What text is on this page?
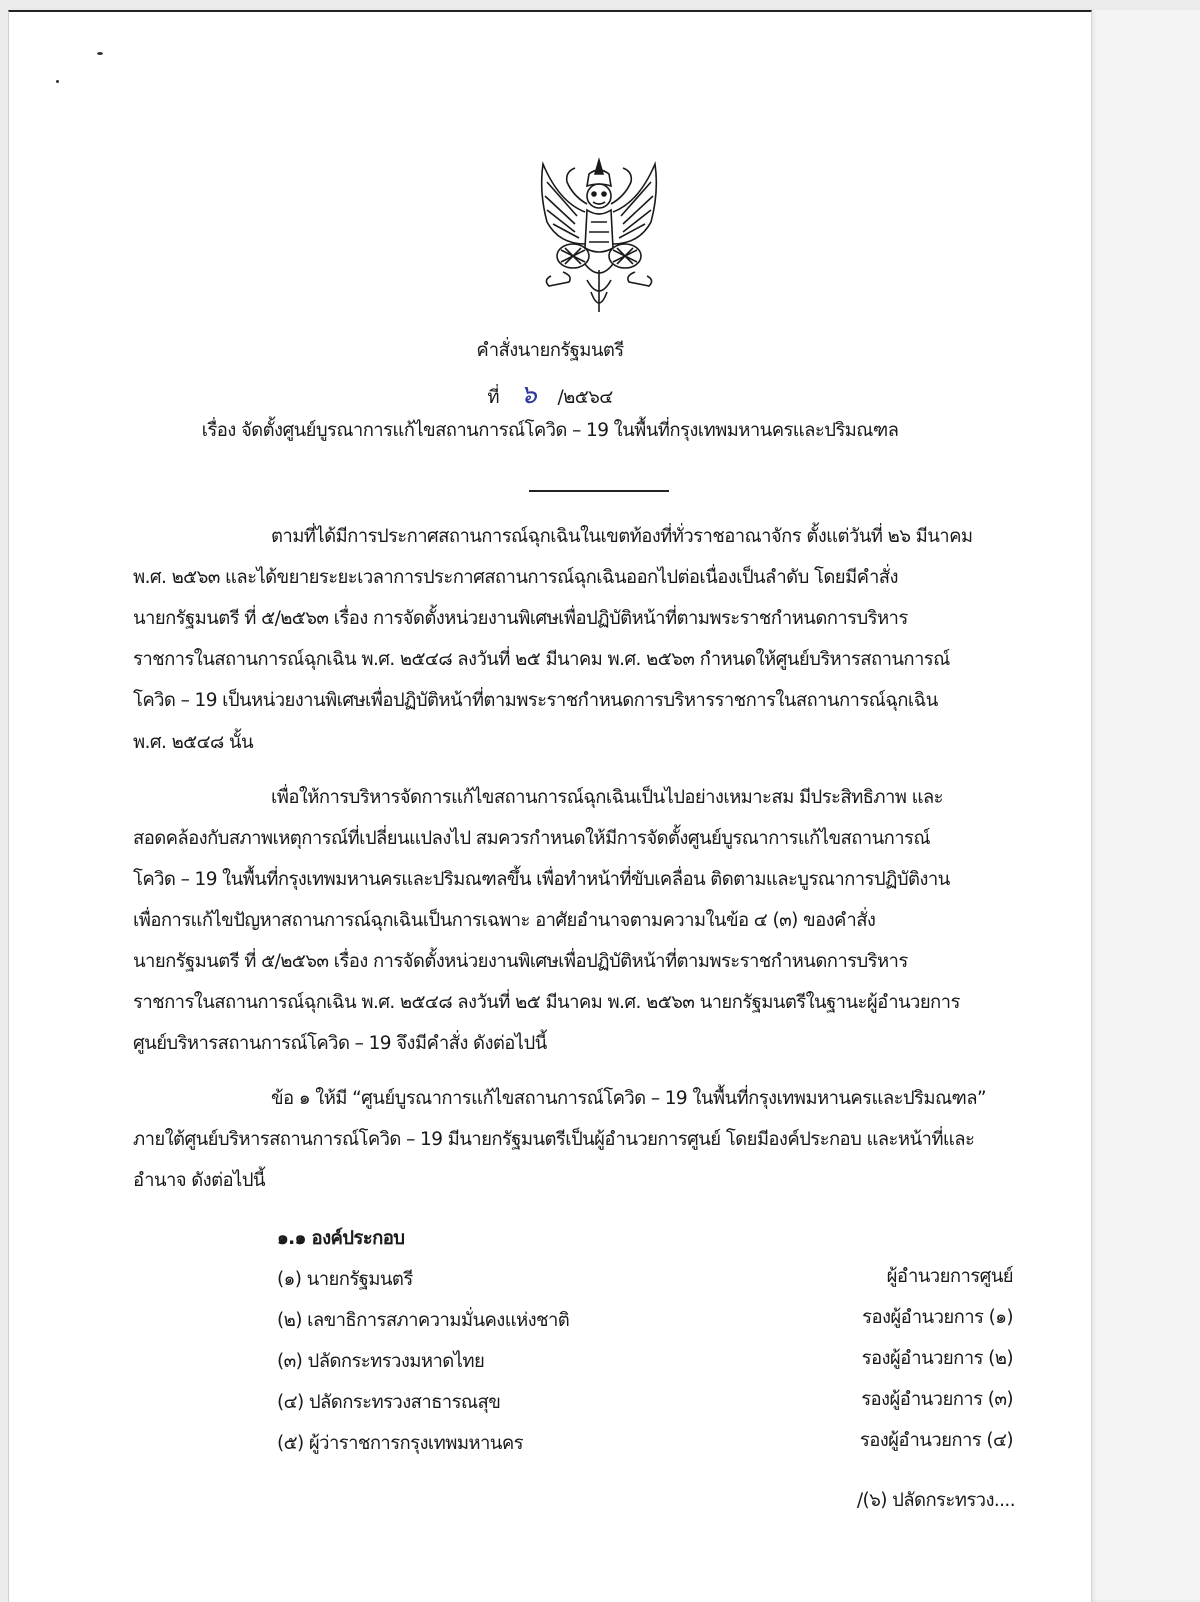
คำสั่งนายกรัฐมนตรี
ที่ ๖ /๒๕๖๔
เรื่อง จัดตั้งศูนย์บูรณาการแก้ไขสถานการณ์โควิด – 19 ในพื้นที่กรุงเทพมหานครและปริมณฑล
ตามที่ได้มีการประกาศสถานการณ์ฉุกเฉินในเขตท้องที่ทั่วราชอาณาจักร ตั้งแต่วันที่ ๒๖ มีนาคม
พ.ศ. ๒๕๖๓ และได้ขยายระยะเวลาการประกาศสถานการณ์ฉุกเฉินออกไปต่อเนื่องเป็นลำดับ โดยมีคำสั่ง
นายกรัฐมนตรี ที่ ๕/๒๕๖๓ เรื่อง การจัดตั้งหน่วยงานพิเศษเพื่อปฏิบัติหน้าที่ตามพระราชกำหนดการบริหาร
ราชการในสถานการณ์ฉุกเฉิน พ.ศ. ๒๕๔๘ ลงวันที่ ๒๕ มีนาคม พ.ศ. ๒๕๖๓ กำหนดให้ศูนย์บริหารสถานการณ์
โควิด – 19 เป็นหน่วยงานพิเศษเพื่อปฏิบัติหน้าที่ตามพระราชกำหนดการบริหารราชการในสถานการณ์ฉุกเฉิน
พ.ศ. ๒๕๔๘ นั้น
เพื่อให้การบริหารจัดการแก้ไขสถานการณ์ฉุกเฉินเป็นไปอย่างเหมาะสม มีประสิทธิภาพ และ
สอดคล้องกับสภาพเหตุการณ์ที่เปลี่ยนแปลงไป สมควรกำหนดให้มีการจัดตั้งศูนย์บูรณาการแก้ไขสถานการณ์
โควิด – 19 ในพื้นที่กรุงเทพมหานครและปริมณฑลขึ้น เพื่อทำหน้าที่ขับเคลื่อน ติดตามและบูรณาการปฏิบัติงาน
เพื่อการแก้ไขปัญหาสถานการณ์ฉุกเฉินเป็นการเฉพาะ อาศัยอำนาจตามความในข้อ ๔ (๓) ของคำสั่ง
นายกรัฐมนตรี ที่ ๕/๒๕๖๓ เรื่อง การจัดตั้งหน่วยงานพิเศษเพื่อปฏิบัติหน้าที่ตามพระราชกำหนดการบริหาร
ราชการในสถานการณ์ฉุกเฉิน พ.ศ. ๒๕๔๘ ลงวันที่ ๒๕ มีนาคม พ.ศ. ๒๕๖๓ นายกรัฐมนตรีในฐานะผู้อำนวยการ
ศูนย์บริหารสถานการณ์โควิด – 19 จึงมีคำสั่ง ดังต่อไปนี้
ข้อ ๑ ให้มี “ศูนย์บูรณาการแก้ไขสถานการณ์โควิด – 19 ในพื้นที่กรุงเทพมหานครและปริมณฑล”
ภายใต้ศูนย์บริหารสถานการณ์โควิด – 19 มีนายกรัฐมนตรีเป็นผู้อำนวยการศูนย์ โดยมีองค์ประกอบ และหน้าที่และ
อำนาจ ดังต่อไปนี้
๑.๑ องค์ประกอบ
(๑) นายกรัฐมนตรี	ผู้อำนวยการศูนย์
(๒) เลขาธิการสภาความมั่นคงแห่งชาติ	รองผู้อำนวยการ (๑)
(๓) ปลัดกระทรวงมหาดไทย	รองผู้อำนวยการ (๒)
(๔) ปลัดกระทรวงสาธารณสุข	รองผู้อำนวยการ (๓)
(๕) ผู้ว่าราชการกรุงเทพมหานคร	รองผู้อำนวยการ (๔)
/(๖) ปลัดกระทรวง....
